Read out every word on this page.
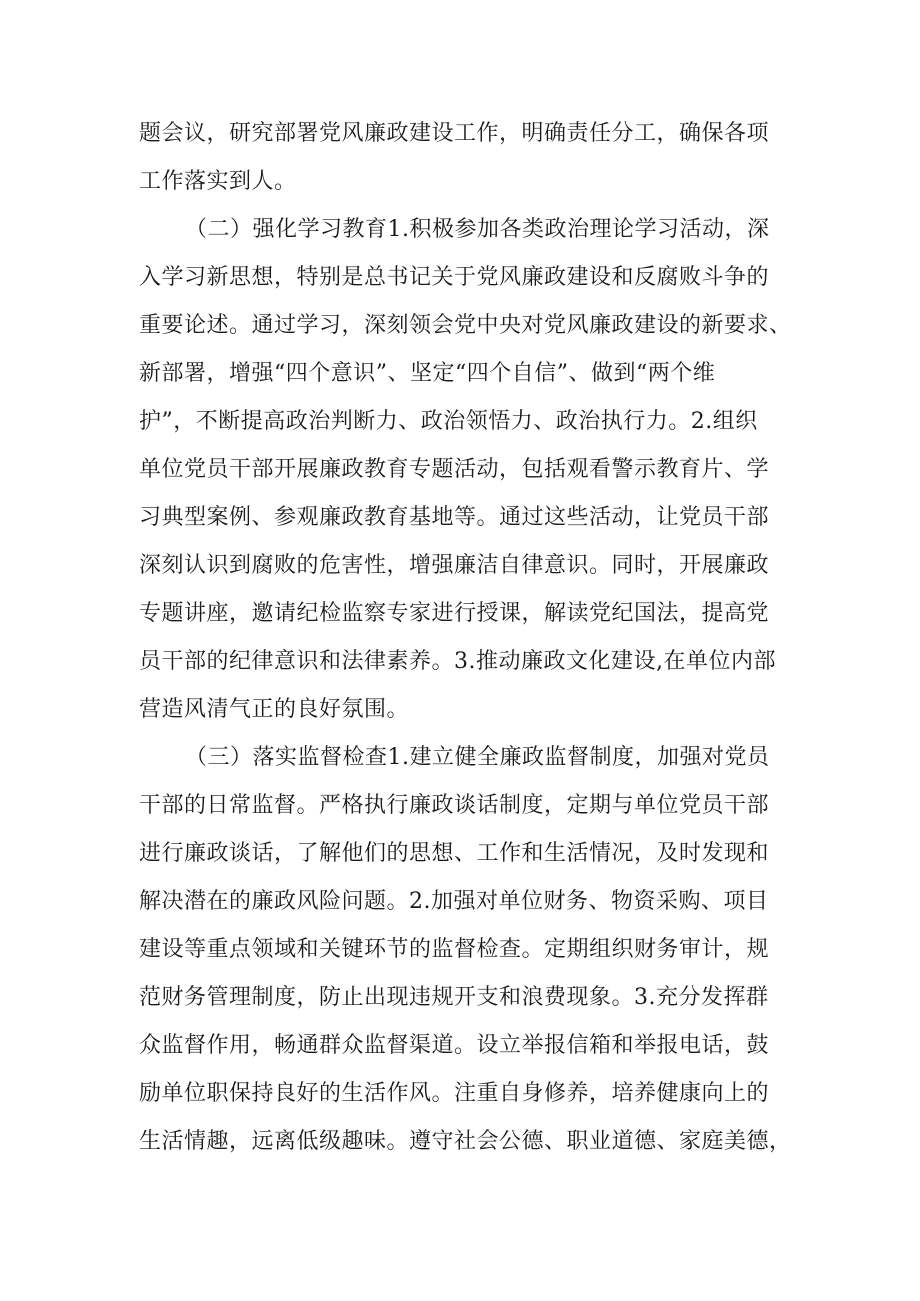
题会议，研究部署党风廉政建设工作，明确责任分工，确保各项
工作落实到人。
（二）强化学习教育1.积极参加各类政治理论学习活动，深
入学习新思想，特别是总书记关于党风廉政建设和反腐败斗争的
重要论述。通过学习，深刻领会党中央对党风廉政建设的新要求、
新部署，增强“四个意识”、坚定“四个自信”、做到“两个维
护”，不断提高政治判断力、政治领悟力、政治执行力。2.组织
单位党员干部开展廉政教育专题活动，包括观看警示教育片、学
习典型案例、参观廉政教育基地等。通过这些活动，让党员干部
深刻认识到腐败的危害性，增强廉洁自律意识。同时，开展廉政
专题讲座，邀请纪检监察专家进行授课，解读党纪国法，提高党
员干部的纪律意识和法律素养。3.推动廉政文化建设,在单位内部
营造风清气正的良好氛围。
（三）落实监督检查1.建立健全廉政监督制度，加强对党员
干部的日常监督。严格执行廉政谈话制度，定期与单位党员干部
进行廉政谈话，了解他们的思想、工作和生活情况，及时发现和
解决潜在的廉政风险问题。2.加强对单位财务、物资采购、项目
建设等重点领域和关键环节的监督检查。定期组织财务审计，规
范财务管理制度，防止出现违规开支和浪费现象。3.充分发挥群
众监督作用，畅通群众监督渠道。设立举报信箱和举报电话，鼓
励单位职保持良好的生活作风。注重自身修养，培养健康向上的
生活情趣，远离低级趣味。遵守社会公德、职业道德、家庭美德，
